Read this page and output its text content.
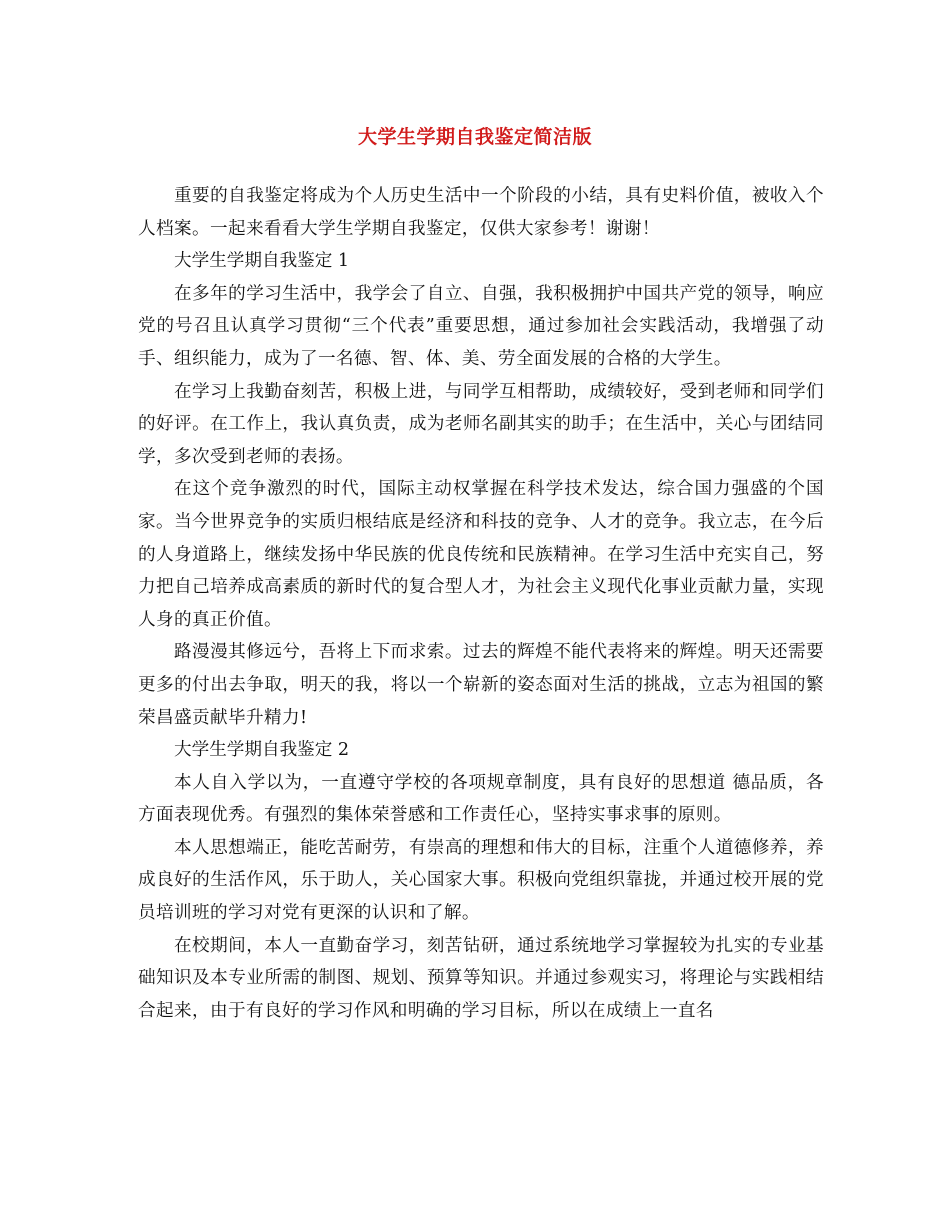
大学生学期自我鉴定简洁版

重要的自我鉴定将成为个人历史生活中一个阶段的小结，具有史料价值，被收入个人档案。一起来看看大学生学期自我鉴定，仅供大家参考！谢谢！

大学生学期自我鉴定 1

在多年的学习生活中，我学会了自立、自强，我积极拥护中国共产党的领导，响应党的号召且认真学习贯彻“三个代表”重要思想，通过参加社会实践活动，我增强了动手、组织能力，成为了一名德、智、体、美、劳全面发展的合格的大学生。

在学习上我勤奋刻苦，积极上进，与同学互相帮助，成绩较好，受到老师和同学们的好评。在工作上，我认真负责，成为老师名副其实的助手；在生活中，关心与团结同学，多次受到老师的表扬。

在这个竞争激烈的时代，国际主动权掌握在科学技术发达，综合国力强盛的个国家。当今世界竞争的实质归根结底是经济和科技的竞争、人才的竞争。我立志，在今后的人身道路上，继续发扬中华民族的优良传统和民族精神。在学习生活中充实自己，努力把自己培养成高素质的新时代的复合型人才，为社会主义现代化事业贡献力量，实现人身的真正价值。

路漫漫其修远兮，吾将上下而求索。过去的辉煌不能代表将来的辉煌。明天还需要更多的付出去争取，明天的我，将以一个崭新的姿态面对生活的挑战，立志为祖国的繁荣昌盛贡献毕升精力!

大学生学期自我鉴定 2

本人自入学以为，一直遵守学校的各项规章制度，具有良好的思想道 德品质，各方面表现优秀。有强烈的集体荣誉感和工作责任心，坚持实事求事的原则。

本人思想端正，能吃苦耐劳，有崇高的理想和伟大的目标，注重个人道德修养，养成良好的生活作风，乐于助人，关心国家大事。积极向党组织靠拢，并通过校开展的党员培训班的学习对党有更深的认识和了解。

在校期间，本人一直勤奋学习，刻苦钻研，通过系统地学习掌握较为扎实的专业基础知识及本专业所需的制图、规划、预算等知识。并通过参观实习，将理论与实践相结合起来，由于有良好的学习作风和明确的学习目标，所以在成绩上一直名
